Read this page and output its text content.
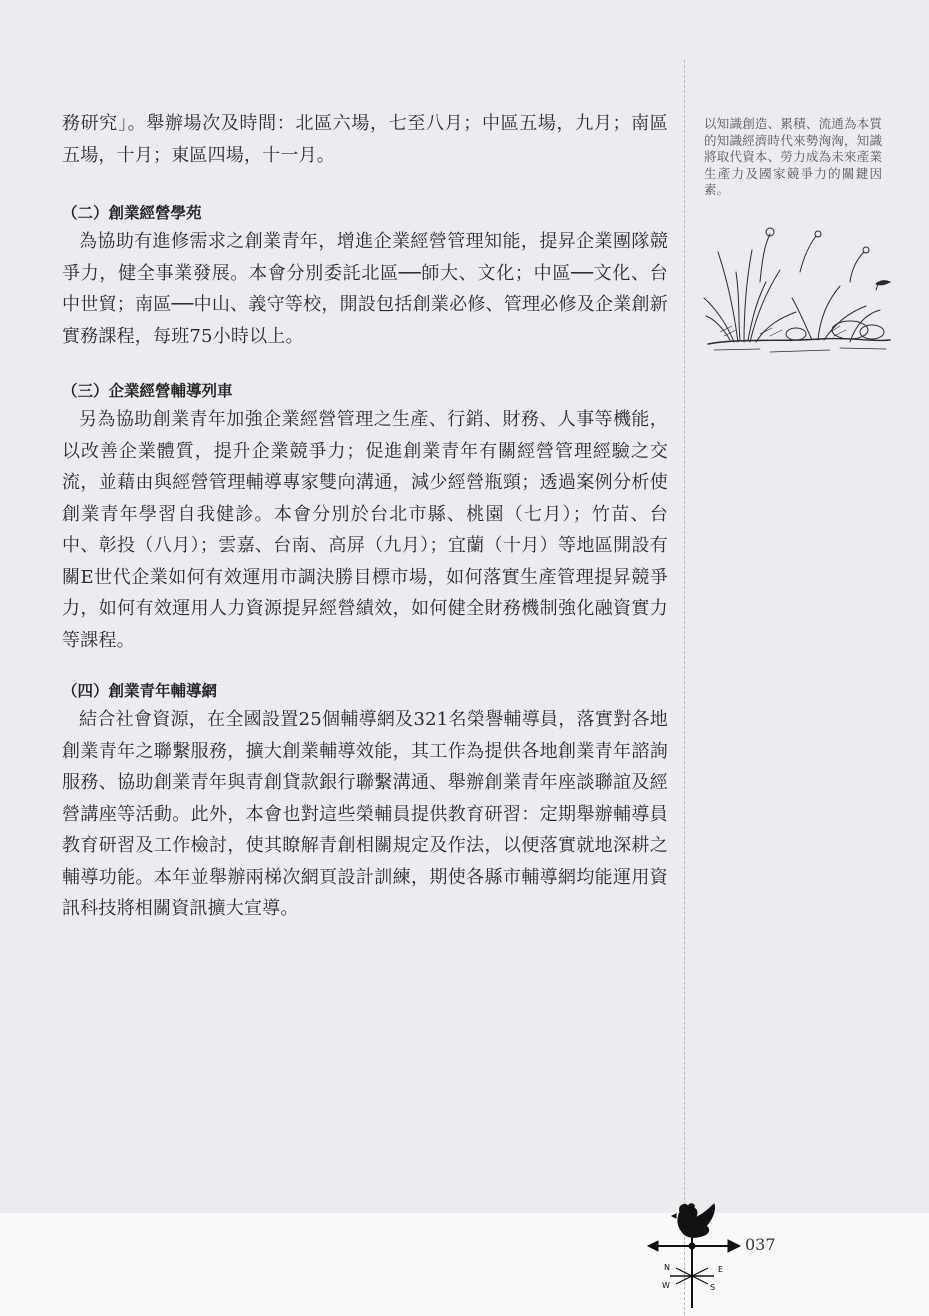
務研究」。舉辦場次及時間：北區六場，七至八月；中區五場，九月；南區五場，十月；東區四場，十一月。

（二）創業經營學苑

為協助有進修需求之創業青年，增進企業經營管理知能，提昇企業團隊競爭力，健全事業發展。本會分別委託北區──師大、文化；中區──文化、台中世貿；南區──中山、義守等校，開設包括創業必修、管理必修及企業創新實務課程，每班75小時以上。

（三）企業經營輔導列車

另為協助創業青年加強企業經營管理之生產、行銷、財務、人事等機能，以改善企業體質，提升企業競爭力；促進創業青年有關經營管理經驗之交流，並藉由與經營管理輔導專家雙向溝通，減少經營瓶頸；透過案例分析使創業青年學習自我健診。本會分別於台北市縣、桃園（七月）；竹苗、台中、彰投（八月）；雲嘉、台南、高屏（九月）；宜蘭（十月）等地區開設有關E世代企業如何有效運用市調決勝目標市場，如何落實生產管理提昇競爭力，如何有效運用人力資源提昇經營績效，如何健全財務機制強化融資實力等課程。

（四）創業青年輔導網

結合社會資源，在全國設置25個輔導網及321名榮譽輔導員，落實對各地創業青年之聯繫服務，擴大創業輔導效能，其工作為提供各地創業青年諮詢服務、協助創業青年與青創貸款銀行聯繫溝通、舉辦創業青年座談聯誼及經營講座等活動。此外，本會也對這些榮輔員提供教育研習：定期舉辦輔導員教育研習及工作檢討，使其瞭解青創相關規定及作法，以便落實就地深耕之輔導功能。本年並舉辦兩梯次網頁設計訓練，期使各縣市輔導網均能運用資訊科技將相關資訊擴大宣導。

以知識創造、累積、流通為本質的知識經濟時代來勢洶洶，知識將取代資本、勞力成為未來產業生產力及國家競爭力的關鍵因素。

N	E
W	S
037
